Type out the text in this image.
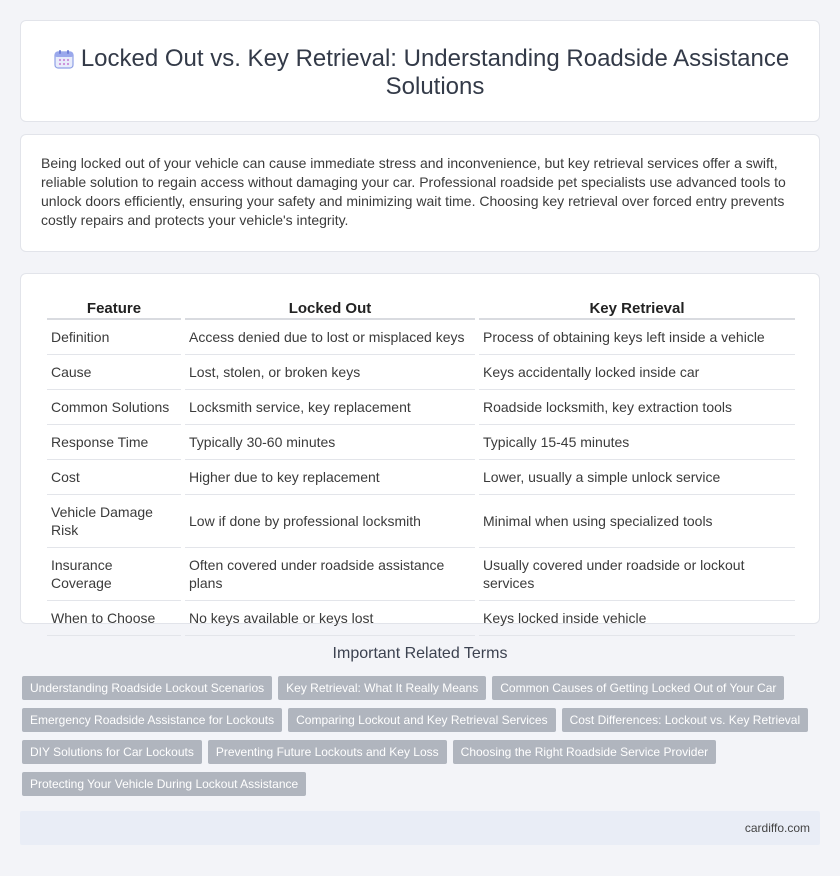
Locked Out vs. Key Retrieval: Understanding Roadside Assistance Solutions

Being locked out of your vehicle can cause immediate stress and inconvenience, but key retrieval services offer a swift, reliable solution to regain access without damaging your car. Professional roadside pet specialists use advanced tools to unlock doors efficiently, ensuring your safety and minimizing wait time. Choosing key retrieval over forced entry prevents costly repairs and protects your vehicle's integrity.

Feature	Locked Out	Key Retrieval
Definition	Access denied due to lost or misplaced keys	Process of obtaining keys left inside a vehicle
Cause	Lost, stolen, or broken keys	Keys accidentally locked inside car
Common Solutions	Locksmith service, key replacement	Roadside locksmith, key extraction tools
Response Time	Typically 30-60 minutes	Typically 15-45 minutes
Cost	Higher due to key replacement	Lower, usually a simple unlock service
Vehicle Damage Risk	Low if done by professional locksmith	Minimal when using specialized tools
Insurance Coverage	Often covered under roadside assistance plans	Usually covered under roadside or lockout services
When to Choose	No keys available or keys lost	Keys locked inside vehicle
Important Related Terms
Understanding Roadside Lockout Scenarios	Key Retrieval: What It Really Means	Common Causes of Getting Locked Out of Your Car
Emergency Roadside Assistance for Lockouts	Comparing Lockout and Key Retrieval Services	Cost Differences: Lockout vs. Key Retrieval
DIY Solutions for Car Lockouts	Preventing Future Lockouts and Key Loss	Choosing the Right Roadside Service Provider
Protecting Your Vehicle During Lockout Assistance
cardiffo.com
